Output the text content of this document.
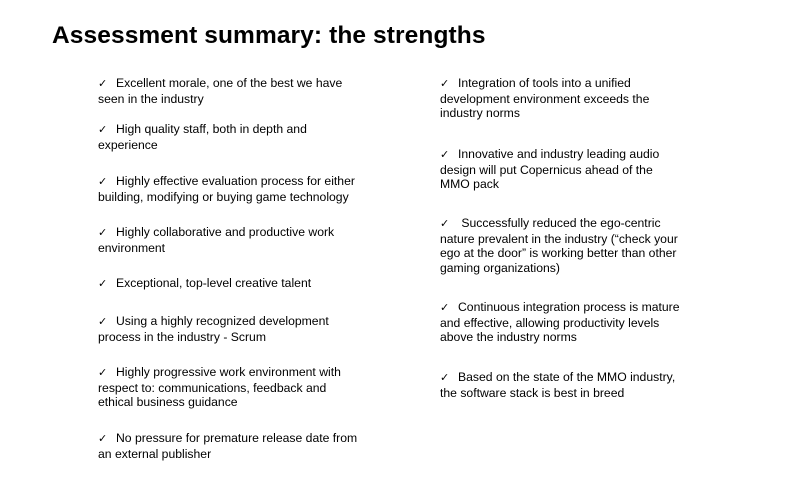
Assessment summary: the strengths
✓ Excellent morale, one of the best we have
seen in the industry
✓ High quality staff, both in depth and
experience
✓ Highly effective evaluation process for either
building, modifying or buying game technology
✓ Highly collaborative and productive work
environment
✓ Exceptional, top-level creative talent
✓ Using a highly recognized development
process in the industry - Scrum
✓ Highly progressive work environment with
respect to: communications, feedback and
ethical business guidance
✓ No pressure for premature release date from
an external publisher
✓ Integration of tools into a unified
development environment exceeds the
industry norms
✓ Innovative and industry leading audio
design will put Copernicus ahead of the
MMO pack
✓ Successfully reduced the ego-centric
nature prevalent in the industry (“check your
ego at the door” is working better than other
gaming organizations)
✓ Continuous integration process is mature
and effective, allowing productivity levels
above the industry norms
✓ Based on the state of the MMO industry,
the software stack is best in breed
